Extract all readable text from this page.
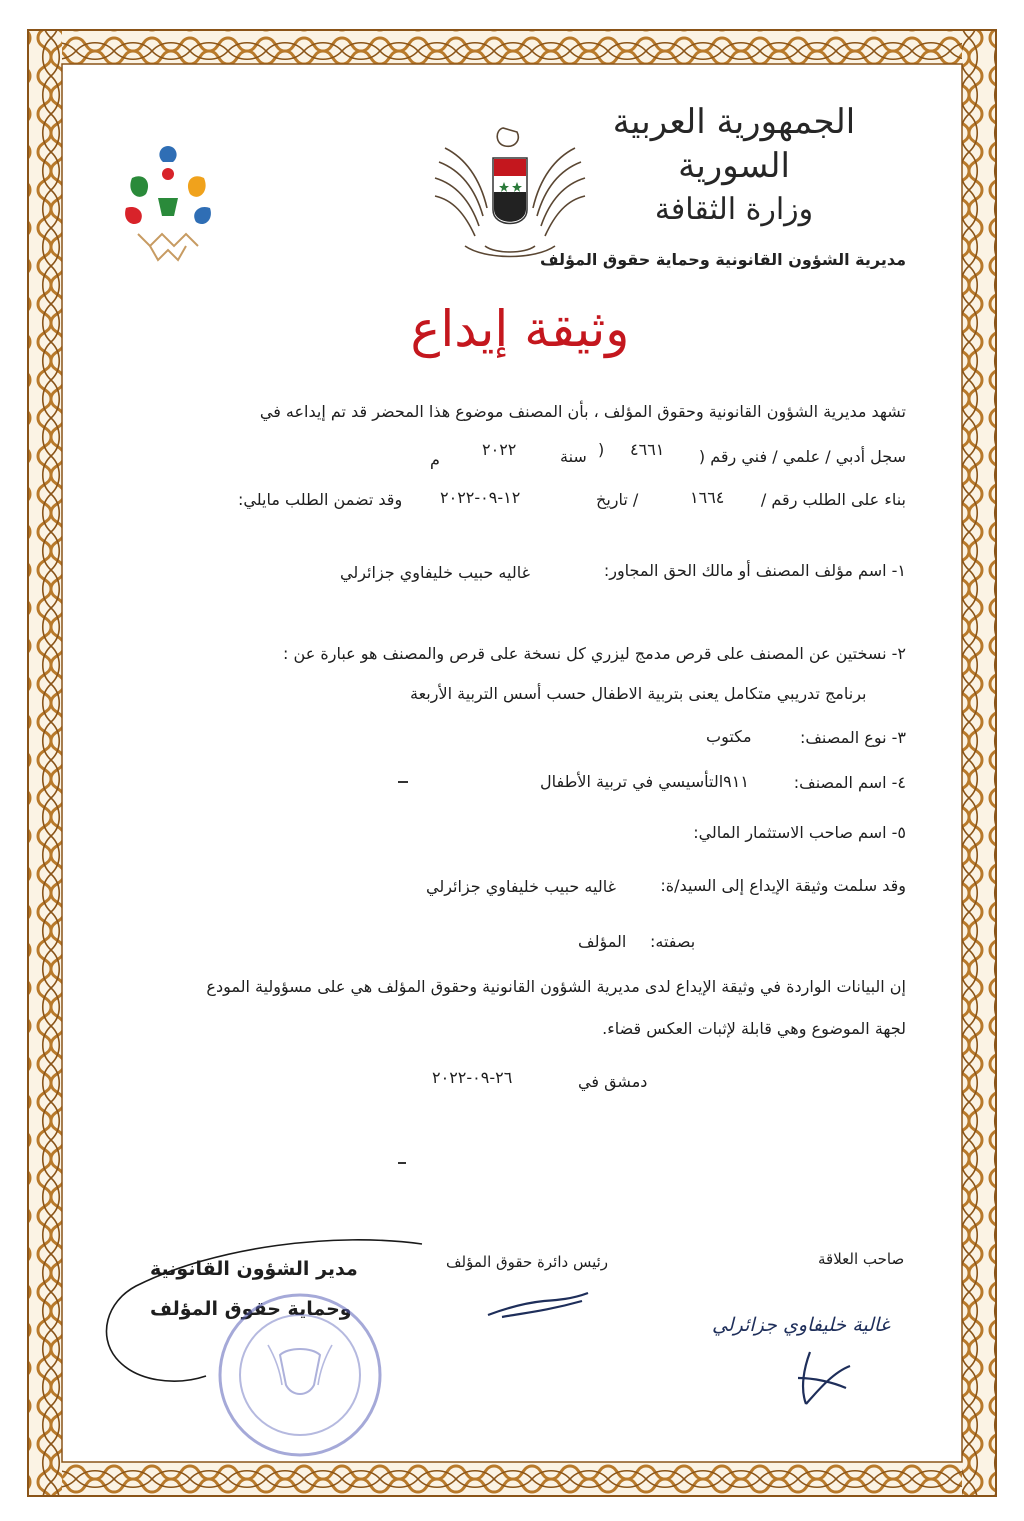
الجمهورية العربية السورية
وزارة الثقافة
مديرية الشؤون القانونية وحماية حقوق المؤلف
وثيقة إيداع
تشهد مديرية الشؤون القانونية وحقوق المؤلف ، بأن المصنف موضوع هذا المحضر قد تم إيداعه في
سجل أدبي / علمي / فني رقم (
٤٦٦١
)
سنة
٢٠٢٢
م
بناء على الطلب رقم /
١٦٦٤
/ تاريخ
١٢-٠٩-٢٠٢٢
وقد تضمن الطلب مايلي:
١- اسم مؤلف المصنف أو مالك الحق المجاور:
غاليه حبيب خليفاوي جزائرلي
٢- نسختين عن المصنف على قرص مدمج ليزري كل نسخة على قرص والمصنف هو عبارة عن :
برنامج تدريبي متكامل يعنى بتربية الاطفال حسب أسس التربية الأربعة
٣- نوع المصنف:
مكتوب
٤- اسم المصنف:
٩١١التأسيسي في تربية الأطفال
٥- اسم صاحب الاستثمار المالي:
وقد سلمت وثيقة الإيداع إلى السيد/ة:
غاليه حبيب خليفاوي جزائرلي
بصفته:
المؤلف
إن البيانات الواردة في وثيقة الإيداع لدى مديرية الشؤون القانونية وحقوق المؤلف هي على مسؤولية المودع
لجهة الموضوع وهي قابلة لإثبات العكس قضاء.
دمشق في
٢٦-٠٩-٢٠٢٢
صاحب العلاقة
رئيس دائرة حقوق المؤلف
مدير الشؤون القانونية
وحماية حقوق المؤلف
غالية خليفاوي جزائرلي
